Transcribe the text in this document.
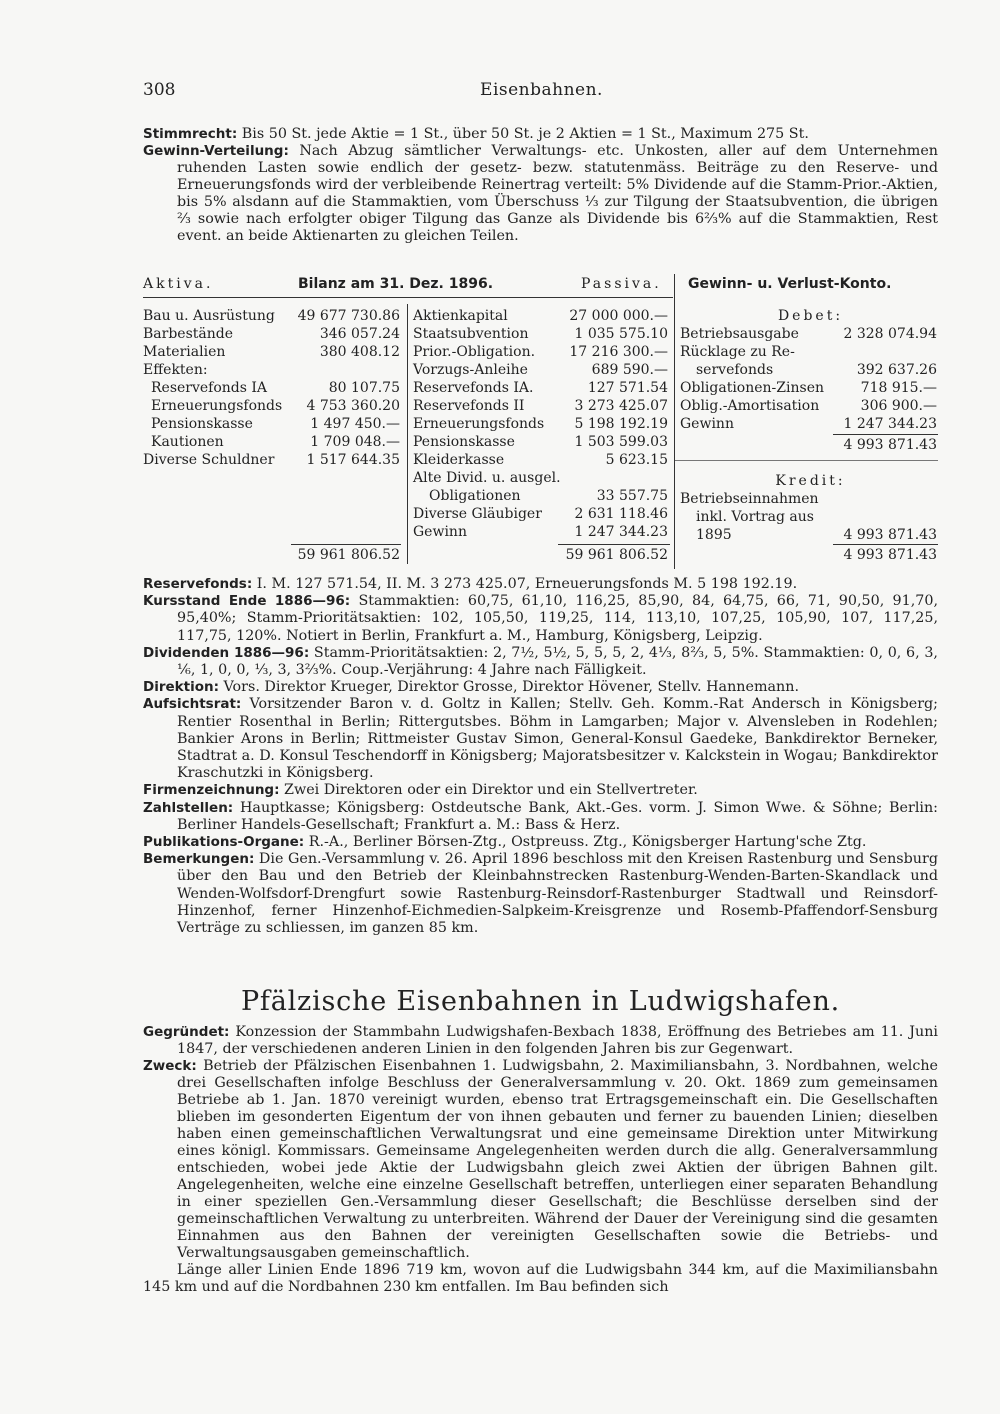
308	Eisenbahnen.

Stimmrecht: Bis 50 St. jede Aktie = 1 St., über 50 St. je 2 Aktien = 1 St., Maximum 275 St.

Gewinn-Verteilung: Nach Abzug sämtlicher Verwaltungs- etc. Unkosten, aller auf dem Unternehmen ruhenden Lasten sowie endlich der gesetz- bezw. statutenmäss. Beiträge zu den Reserve- und Erneuerungsfonds wird der verbleibende Reinertrag verteilt: 5% Dividende auf die Stamm-Prior.-Aktien, bis 5% alsdann auf die Stammaktien, vom Überschuss ⅓ zur Tilgung der Staatsubvention, die übrigen ⅔ sowie nach erfolgter obiger Tilgung das Ganze als Dividende bis 6⅔% auf die Stammaktien, Rest event. an beide Aktienarten zu gleichen Teilen.

Aktiva.	Bilanz am 31. Dez. 1896.	Passiva. Gewinn- u. Verlust-Konto.
Bau u. Ausrüstung	49 677 730.86
Barbestände	346 057.24
Materialien	380 408.12
Effekten:
Reservefonds IA	80 107.75
Erneuerungsfonds	4 753 360.20
Pensionskasse	1 497 450.—
Kautionen	1 709 048.—
Diverse Schuldner	1 517 644.35
59 961 806.52
Aktienkapital	27 000 000.—
Staatsubvention	1 035 575.10
Prior.-Obligation.	17 216 300.—
Vorzugs-Anleihe	689 590.—
Reservefonds IA.	127 571.54
Reservefonds II	3 273 425.07
Erneuerungsfonds	5 198 192.19
Pensionskasse	1 503 599.03
Kleiderkasse	5 623.15
Alte Divid. u. ausgel.
Obligationen	33 557.75
Diverse Gläubiger	2 631 118.46
Gewinn	1 247 344.23
59 961 806.52
Debet:
Betriebsausgabe	2 328 074.94
Rücklage zu Re-
servefonds	392 637.26
Obligationen-Zinsen	718 915.—
Oblig.-Amortisation	306 900.—
Gewinn	1 247 344.23
4 993 871.43
Kredit:
Betriebseinnahmen
inkl. Vortrag aus
1895	4 993 871.43
4 993 871.43

Reservefonds: I. M. 127 571.54, II. M. 3 273 425.07, Erneuerungsfonds M. 5 198 192.19.

Kursstand Ende 1886—96: Stammaktien: 60,75, 61,10, 116,25, 85,90, 84, 64,75, 66, 71, 90,50, 91,70, 95,40%; Stamm-Prioritätsaktien: 102, 105,50, 119,25, 114, 113,10, 107,25, 105,90, 107, 117,25, 117,75, 120%. Notiert in Berlin, Frankfurt a. M., Hamburg, Königsberg, Leipzig.

Dividenden 1886—96: Stamm-Prioritätsaktien: 2, 7½, 5½, 5, 5, 5, 2, 4⅓, 8⅔, 5, 5%. Stammaktien: 0, 0, 6, 3, ⅙, 1, 0, 0, ⅓, 3, 3⅔%. Coup.-Verjährung: 4 Jahre nach Fälligkeit.

Direktion: Vors. Direktor Krueger, Direktor Grosse, Direktor Hövener, Stellv. Hannemann.

Aufsichtsrat: Vorsitzender Baron v. d. Goltz in Kallen; Stellv. Geh. Komm.-Rat Andersch in Königsberg; Rentier Rosenthal in Berlin; Rittergutsbes. Böhm in Lamgarben; Major v. Alvensleben in Rodehlen; Bankier Arons in Berlin; Rittmeister Gustav Simon, General-Konsul Gaedeke, Bankdirektor Berneker, Stadtrat a. D. Konsul Teschendorff in Königsberg; Majoratsbesitzer v. Kalckstein in Wogau; Bankdirektor Kraschutzki in Königsberg.

Firmenzeichnung: Zwei Direktoren oder ein Direktor und ein Stellvertreter.

Zahlstellen: Hauptkasse; Königsberg: Ostdeutsche Bank, Akt.-Ges. vorm. J. Simon Wwe. & Söhne; Berlin: Berliner Handels-Gesellschaft; Frankfurt a. M.: Bass & Herz.

Publikations-Organe: R.-A., Berliner Börsen-Ztg., Ostpreuss. Ztg., Königsberger Hartung'sche Ztg.

Bemerkungen: Die Gen.-Versammlung v. 26. April 1896 beschloss mit den Kreisen Rastenburg und Sensburg über den Bau und den Betrieb der Kleinbahnstrecken Rastenburg-Wenden-Barten-Skandlack und Wenden-Wolfsdorf-Drengfurt sowie Rastenburg-Reinsdorf-Rastenburger Stadtwall und Reinsdorf-Hinzenhof, ferner Hinzenhof-Eichmedien-Salpkeim-Kreisgrenze und Rosemb-Pfaffendorf-Sensburg Verträge zu schliessen, im ganzen 85 km.

Pfälzische Eisenbahnen in Ludwigshafen.

Gegründet: Konzession der Stammbahn Ludwigshafen-Bexbach 1838, Eröffnung des Betriebes am 11. Juni 1847, der verschiedenen anderen Linien in den folgenden Jahren bis zur Gegenwart.

Zweck: Betrieb der Pfälzischen Eisenbahnen 1. Ludwigsbahn, 2. Maximiliansbahn, 3. Nordbahnen, welche drei Gesellschaften infolge Beschluss der Generalversammlung v. 20. Okt. 1869 zum gemeinsamen Betriebe ab 1. Jan. 1870 vereinigt wurden, ebenso trat Ertragsgemeinschaft ein. Die Gesellschaften blieben im gesonderten Eigentum der von ihnen gebauten und ferner zu bauenden Linien; dieselben haben einen gemeinschaftlichen Verwaltungsrat und eine gemeinsame Direktion unter Mitwirkung eines königl. Kommissars. Gemeinsame Angelegenheiten werden durch die allg. Generalversammlung entschieden, wobei jede Aktie der Ludwigsbahn gleich zwei Aktien der übrigen Bahnen gilt. Angelegenheiten, welche eine einzelne Gesellschaft betreffen, unterliegen einer separaten Behandlung in einer speziellen Gen.-Versammlung dieser Gesellschaft; die Beschlüsse derselben sind der gemeinschaftlichen Verwaltung zu unterbreiten. Während der Dauer der Vereinigung sind die gesamten Einnahmen aus den Bahnen der vereinigten Gesellschaften sowie die Betriebs- und Verwaltungsausgaben gemeinschaftlich.

Länge aller Linien Ende 1896 719 km, wovon auf die Ludwigsbahn 344 km, auf die Maximiliansbahn 145 km und auf die Nordbahnen 230 km entfallen. Im Bau befinden sich
